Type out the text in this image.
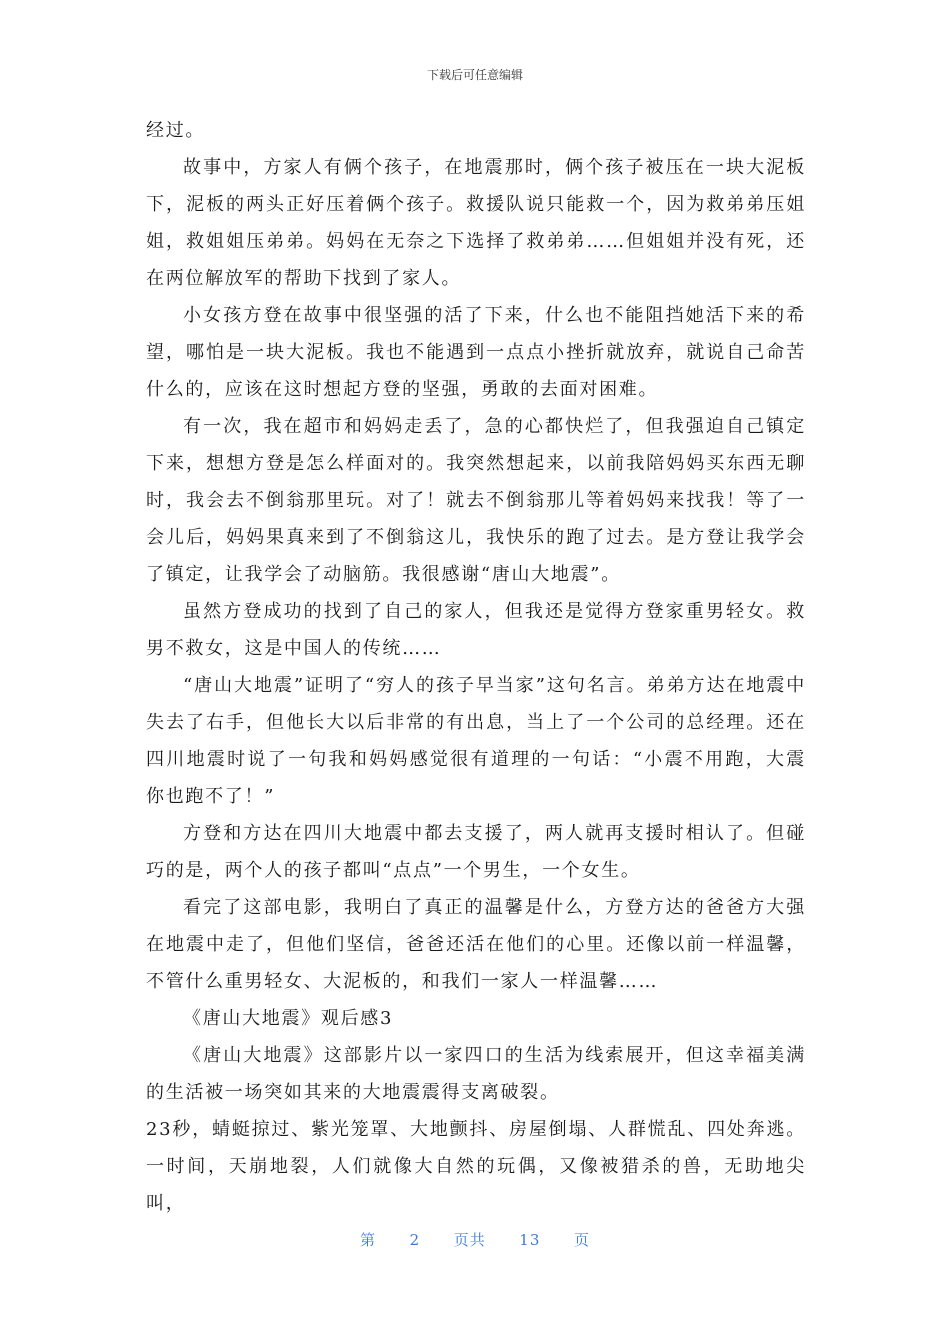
下载后可任意编辑

经过。

故事中，方家人有俩个孩子，在地震那时，俩个孩子被压在一块大泥板下，泥板的两头正好压着俩个孩子。救援队说只能救一个，因为救弟弟压姐姐，救姐姐压弟弟。妈妈在无奈之下选择了救弟弟……但姐姐并没有死，还在两位解放军的帮助下找到了家人。

小女孩方登在故事中很坚强的活了下来，什么也不能阻挡她活下来的希望，哪怕是一块大泥板。我也不能遇到一点点小挫折就放弃，就说自己命苦什么的，应该在这时想起方登的坚强，勇敢的去面对困难。

有一次，我在超市和妈妈走丢了，急的心都快烂了，但我强迫自己镇定下来，想想方登是怎么样面对的。我突然想起来，以前我陪妈妈买东西无聊时，我会去不倒翁那里玩。对了！就去不倒翁那儿等着妈妈来找我！等了一会儿后，妈妈果真来到了不倒翁这儿，我快乐的跑了过去。是方登让我学会了镇定，让我学会了动脑筋。我很感谢“唐山大地震”。

虽然方登成功的找到了自己的家人，但我还是觉得方登家重男轻女。救男不救女，这是中国人的传统……

“唐山大地震”证明了“穷人的孩子早当家”这句名言。弟弟方达在地震中失去了右手，但他长大以后非常的有出息，当上了一个公司的总经理。还在四川地震时说了一句我和妈妈感觉很有道理的一句话：“小震不用跑，大震你也跑不了！”

方登和方达在四川大地震中都去支援了，两人就再支援时相认了。但碰巧的是，两个人的孩子都叫“点点”一个男生，一个女生。

看完了这部电影，我明白了真正的温馨是什么，方登方达的爸爸方大强在地震中走了，但他们坚信，爸爸还活在他们的心里。还像以前一样温馨，不管什么重男轻女、大泥板的，和我们一家人一样温馨……

《唐山大地震》观后感3

《唐山大地震》这部影片以一家四口的生活为线索展开，但这幸福美满的生活被一场突如其来的大地震震得支离破裂。

23秒，蜻蜓掠过、紫光笼罩、大地颤抖、房屋倒塌、人群慌乱、四处奔逃。一时间，天崩地裂，人们就像大自然的玩偶，又像被猎杀的兽，无助地尖叫，

第 2 页共 13 页
